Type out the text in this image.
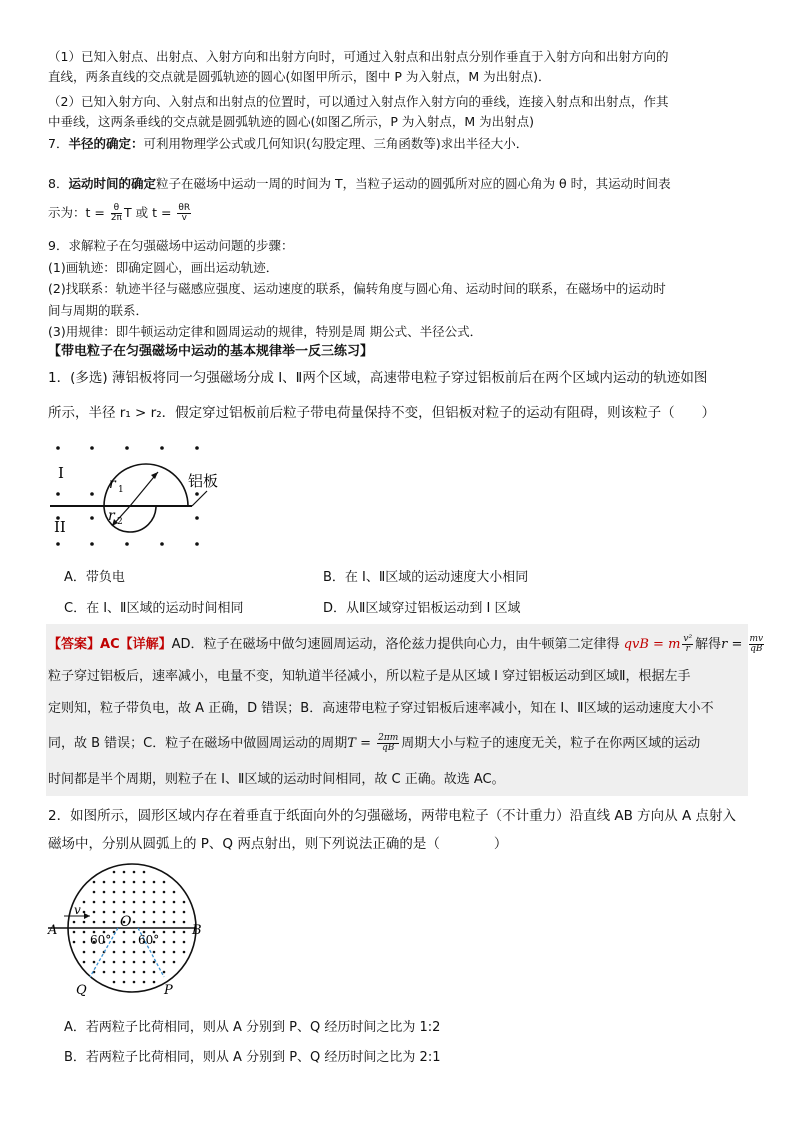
（1）已知入射点、出射点、入射方向和出射方向时，可通过入射点和出射点分别作垂直于入射方向和出射方向的
直线，两条直线的交点就是圆弧轨迹的圆心(如图甲所示，图中 P 为入射点，M 为出射点)．
（2）已知入射方向、入射点和出射点的位置时，可以通过入射点作入射方向的垂线，连接入射点和出射点，作其
中垂线，这两条垂线的交点就是圆弧轨迹的圆心(如图乙所示，P 为入射点，M 为出射点)
7．半径的确定：可利用物理学公式或几何知识(勾股定理、三角函数等)求出半径大小．
8．运动时间的确定粒子在磁场中运动一周的时间为 T，当粒子运动的圆弧所对应的圆心角为 θ 时，其运动时间表
示为：$t = \frac{\theta}{2\pi}$ T 或 $t = \frac{\theta R}{v}$
9．求解粒子在匀强磁场中运动问题的步骤：
(1)画轨迹：即确定圆心，画出运动轨迹．
(2)找联系：轨迹半径与磁感应强度、运动速度的联系，偏转角度与圆心角、运动时间的联系，在磁场中的运动时
间与周期的联系．
(3)用规律：即牛顿运动定律和圆周运动的规律，特别是周 期公式、半径公式．
【带电粒子在匀强磁场中运动的基本规律举一反三练习】
1．(多选) 薄铝板将同一匀强磁场分成 Ⅰ、Ⅱ两个区域，高速带电粒子穿过铝板前后在两个区域内运动的轨迹如图
所示，半径 r₁ > r₂．假定穿过铝板前后粒子带电荷量保持不变，但铝板对粒子的运动有阻碍，则该粒子（　　）
I
II
铝板
r 1
r 2
A．带负电	B．在 Ⅰ、Ⅱ区域的运动速度大小相同
C．在 Ⅰ、Ⅱ区域的运动时间相同	D．从Ⅱ区域穿过铝板运动到 Ⅰ 区域
【答案】AC【详解】AD．粒子在磁场中做匀速圆周运动，洛伦兹力提供向心力，由牛顿第二定律得 qvB = m $\frac{\text{v²}}{r}$ 解得$r = \frac{mv}{qB}$
粒子穿过铝板后，速率减小，电量不变，知轨道半径减小，所以粒子是从区域 Ⅰ 穿过铝板运动到区域Ⅱ，根据左手
定则知，粒子带负电，故 A 正确，D 错误；B．高速带电粒子穿过铝板后速率减小，知在 Ⅰ、Ⅱ区域的运动速度大小不
同，故 B 错误；C．粒子在磁场中做圆周运动的周期$T = \frac{2\pi m}{qB}$ 周期大小与粒子的速度无关，粒子在你两区域的运动
时间都是半个周期，则粒子在 Ⅰ、Ⅱ区域的运动时间相同，故 C 正确。故选 AC。
2．如图所示，圆形区域内存在着垂直于纸面向外的匀强磁场，两带电粒子（不计重力）沿直线 AB 方向从 A 点射入
磁场中，分别从圆弧上的 P、Q 两点射出，则下列说法正确的是（　　　　）
A	B
O
v
60° 60°
Q	P
A．若两粒子比荷相同，则从 A 分别到 P、Q 经历时间之比为 1:2
B．若两粒子比荷相同，则从 A 分别到 P、Q 经历时间之比为 2:1
